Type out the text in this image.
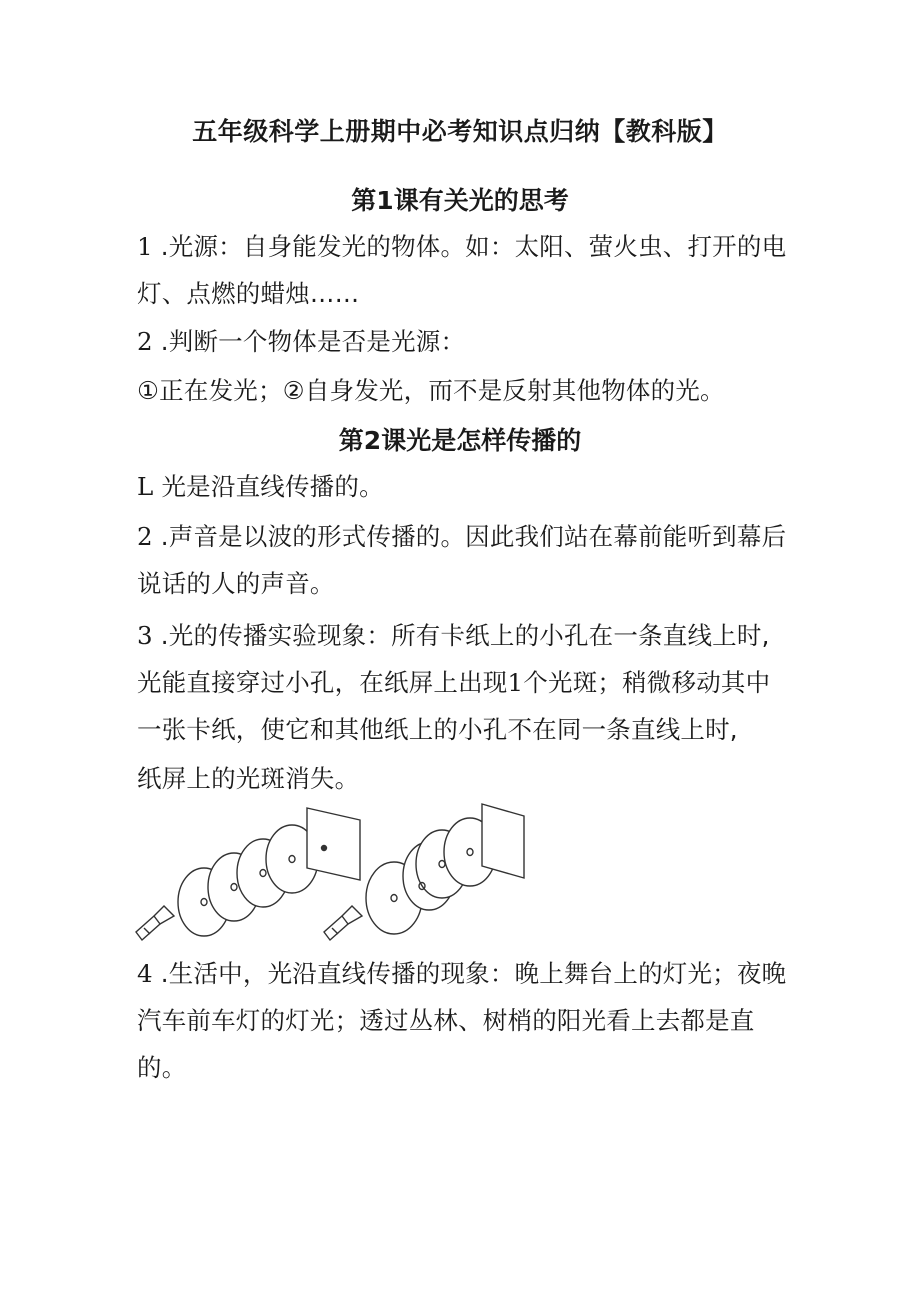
五年级科学上册期中必考知识点归纳【教科版】
第1课有关光的思考
1 .光源：自身能发光的物体。如：太阳、萤火虫、打开的电灯、点燃的蜡烛……
2 .判断一个物体是否是光源：
①正在发光；②自身发光，而不是反射其他物体的光。
第2课光是怎样传播的
L 光是沿直线传播的。
2 .声音是以波的形式传播的。因此我们站在幕前能听到幕后说话的人的声音。
3 .光的传播实验现象：所有卡纸上的小孔在一条直线上时,光能直接穿过小孔，在纸屏上出现1个光斑；稍微移动其中一张卡纸，使它和其他纸上的小孔不在同一条直线上时,
纸屏上的光斑消失。
4 .生活中，光沿直线传播的现象：晚上舞台上的灯光；夜晚汽车前车灯的灯光；透过丛林、树梢的阳光看上去都是直的。
